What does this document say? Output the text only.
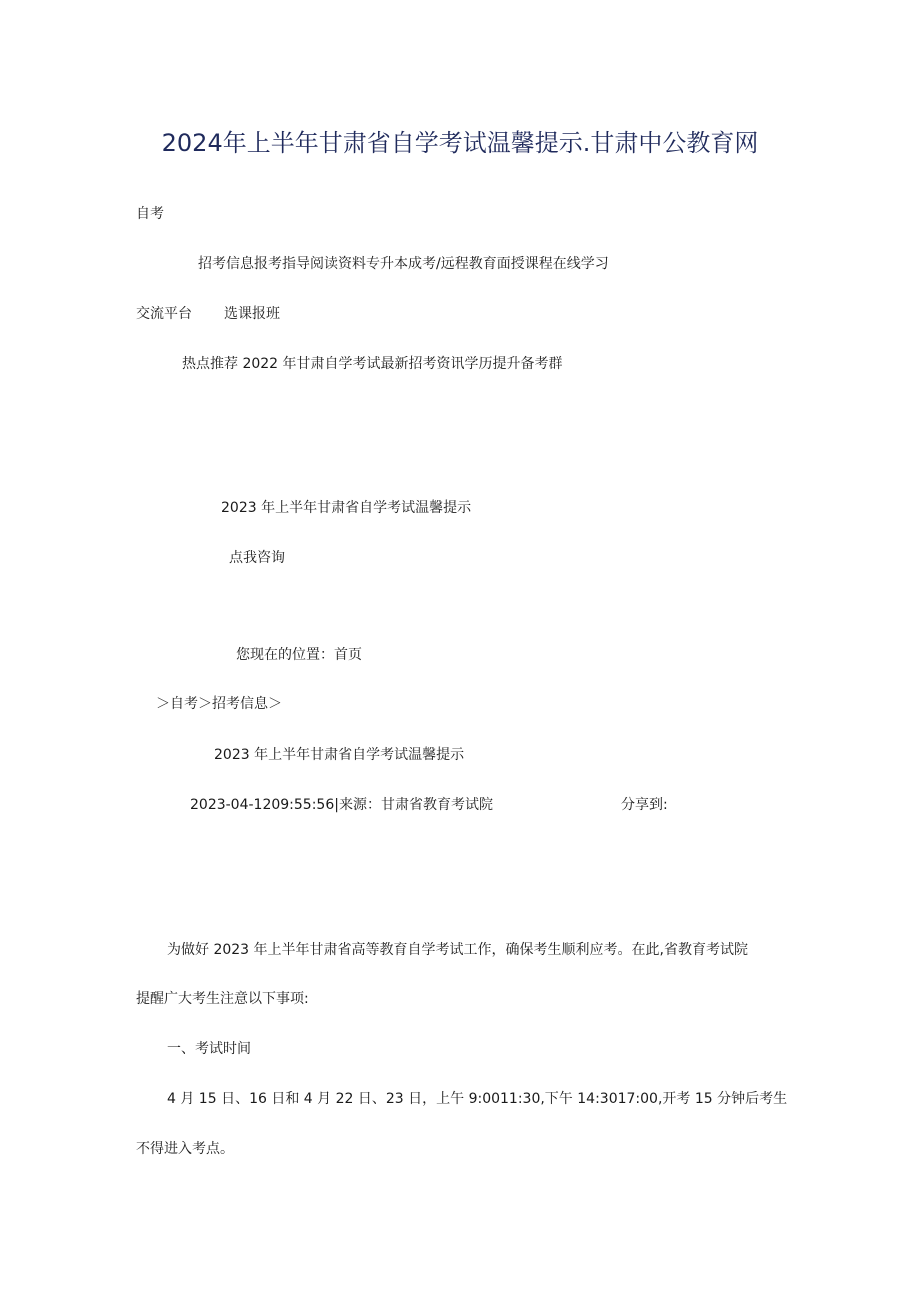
2024年上半年甘肃省自学考试温馨提示.甘肃中公教育网
自考
招考信息报考指导阅读资料专升本成考/远程教育面授课程在线学习
交流平台 选课报班
热点推荐 2022 年甘肃自学考试最新招考资讯学历提升备考群
2023 年上半年甘肃省自学考试温馨提示
点我咨询
您现在的位置：首页
＞自考＞招考信息＞
2023 年上半年甘肃省自学考试温馨提示
2023-04-1209:55:56|来源：甘肃省教育考试院	分享到:
为做好 2023 年上半年甘肃省高等教育自学考试工作，确保考生顺利应考。在此,省教育考试院
提醒广大考生注意以下事项:
一、考试时间
4 月 15 日、16 日和 4 月 22 日、23 日，上午 9:0011:30,下午 14:3017:00,开考 15 分钟后考生
不得进入考点。
